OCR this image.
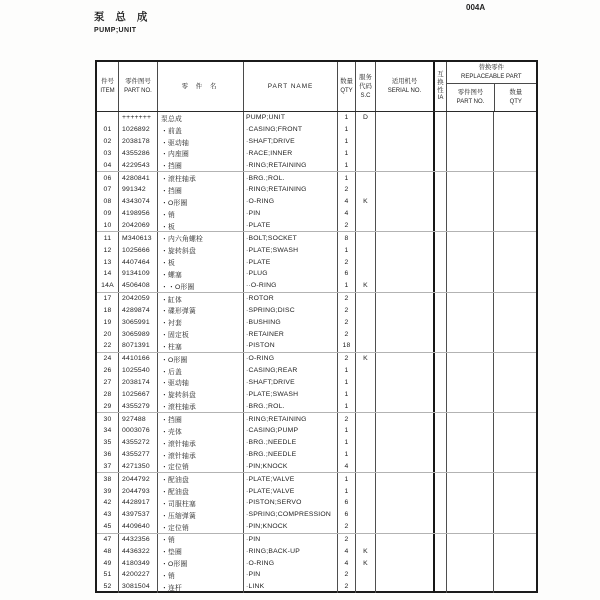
泵 总 成
PUMP;UNIT
004A
件号
ITEM
零件图号
PART NO.
零 件 名	PART NAME
数量
QTY
服务
代码
S.C
适用机号
SERIAL NO.
互
换
性
IA
替换零件
REPLACEABLE PART
零件图号
PART NO.
数量
QTY
+++++++	泵总成	PUMP;UNIT	1	D
01	1026892	・前盖	·CASING;FRONT	1
02	2038178	・驱动轴	·SHAFT;DRIVE	1
03	4355286	・内座圈	·RACE;INNER	1
04	4229543	・挡圈	·RING;RETAINING	1
06	4280841	・滚柱轴承	·BRG.;ROL.	1
07	991342	・挡圈	·RING;RETAINING	2
08	4343074	・O形圈	·O-RING	4	K
09	4198956	・销	·PIN	4
10	2042069	・板	·PLATE	2
11	M340613	・内六角螺栓	·BOLT;SOCKET	8
12	1025666	・旋转斜盘	·PLATE;SWASH	1
13	4407464	・板	·PLATE	2
14	9134109	・螺塞	·PLUG	6
14A	4506408	・・O形圈	··O-RING	1	K
17	2042059	・缸体	·ROTOR	2
18	4289874	・碟形弹簧	·SPRING;DISC	2
19	3065991	・衬套	·BUSHING	2
20	3065989	・固定板	·RETAINER	2
22	8071391	・柱塞	·PISTON	18
24	4410166	・O形圈	·O-RING	2	K
26	1025540	・后盖	·CASING;REAR	1
27	2038174	・驱动轴	·SHAFT;DRIVE	1
28	1025667	・旋转斜盘	·PLATE;SWASH	1
29	4355279	・滚柱轴承	·BRG.;ROL.	1
30	927488	・挡圈	·RING;RETAINING	2
34	0003076	・壳体	·CASING;PUMP	1
35	4355272	・滚针轴承	·BRG.;NEEDLE	1
36	4355277	・滚针轴承	·BRG.;NEEDLE	1
37	4271350	・定位销	·PIN;KNOCK	4
38	2044792	・配油盘	·PLATE;VALVE	1
39	2044793	・配油盘	·PLATE;VALVE	1
42	4428917	・司服柱塞	·PISTON;SERVO	6
43	4397537	・压缩弹簧	·SPRING;COMPRESSION	6
45	4409640	・定位销	·PIN;KNOCK	2
47	4432356	・销	·PIN	2
48	4436322	・垫圈	·RING;BACK-UP	4	K
49	4180349	・O形圈	·O-RING	4	K
51	4200227	・销	·PIN	2
52	3081504	・连杆	·LINK	2
